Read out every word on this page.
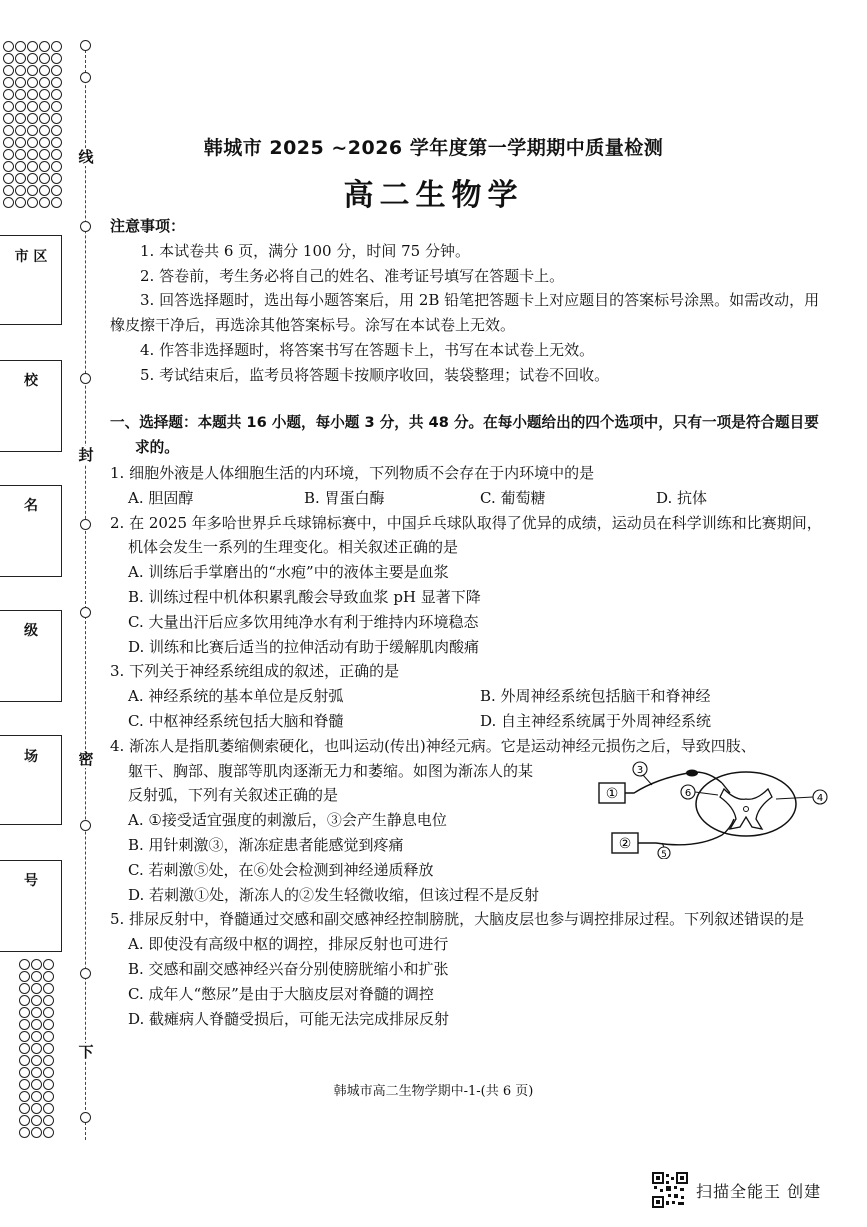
线
封
密
下
市 区
校
名
级
场
号
韩城市 2025 ~2026 学年度第一学期期中质量检测
高二生物学
注意事项：
1. 本试卷共 6 页，满分 100 分，时间 75 分钟。
2. 答卷前，考生务必将自己的姓名、准考证号填写在答题卡上。
3. 回答选择题时，选出每小题答案后，用 2B 铅笔把答题卡上对应题目的答案标号涂黑。如需改动，用橡皮擦干净后，再选涂其他答案标号。涂写在本试卷上无效。
4. 作答非选择题时，将答案书写在答题卡上，书写在本试卷上无效。
5. 考试结束后，监考员将答题卡按顺序收回，装袋整理；试卷不回收。
一、选择题：本题共 16 小题，每小题 3 分，共 48 分。在每小题给出的四个选项中，只有一项是符合题目要求的。
1. 细胞外液是人体细胞生活的内环境，下列物质不会存在于内环境中的是
A. 胆固醇	B. 胃蛋白酶	C. 葡萄糖	D. 抗体
2. 在 2025 年多哈世界乒乓球锦标赛中，中国乒乓球队取得了优异的成绩，运动员在科学训练和比赛期间，机体会发生一系列的生理变化。相关叙述正确的是
A. 训练后手掌磨出的“水疱”中的液体主要是血浆
B. 训练过程中机体积累乳酸会导致血浆 pH 显著下降
C. 大量出汗后应多饮用纯净水有利于维持内环境稳态
D. 训练和比赛后适当的拉伸活动有助于缓解肌肉酸痛
3. 下列关于神经系统组成的叙述，正确的是
A. 神经系统的基本单位是反射弧	B. 外周神经系统包括脑干和脊神经
C. 中枢神经系统包括大脑和脊髓	D. 自主神经系统属于外周神经系统
4. 渐冻人是指肌萎缩侧索硬化，也叫运动(传出)神经元病。它是运动神经元损伤之后，导致四肢、
躯干、胸部、腹部等肌肉逐渐无力和萎缩。如图为渐冻人的某
反射弧，下列有关叙述正确的是
A. ①接受适宜强度的刺激后，③会产生静息电位
B. 用针刺激③，渐冻症患者能感觉到疼痛
C. 若刺激⑤处，在⑥处会检测到神经递质释放
D. 若刺激①处，渐冻人的②发生轻微收缩，但该过程不是反射
5. 排尿反射中，脊髓通过交感和副交感神经控制膀胱，大脑皮层也参与调控排尿过程。下列叙述错误的是
A. 即使没有高级中枢的调控，排尿反射也可进行
B. 交感和副交感神经兴奋分别使膀胱缩小和扩张
C. 成年人“憋尿”是由于大脑皮层对脊髓的调控
D. 截瘫病人脊髓受损后，可能无法完成排尿反射
①
②
3
6	4
5
韩城市高二生物学期中-1-(共 6 页)
扫描全能王 创建
